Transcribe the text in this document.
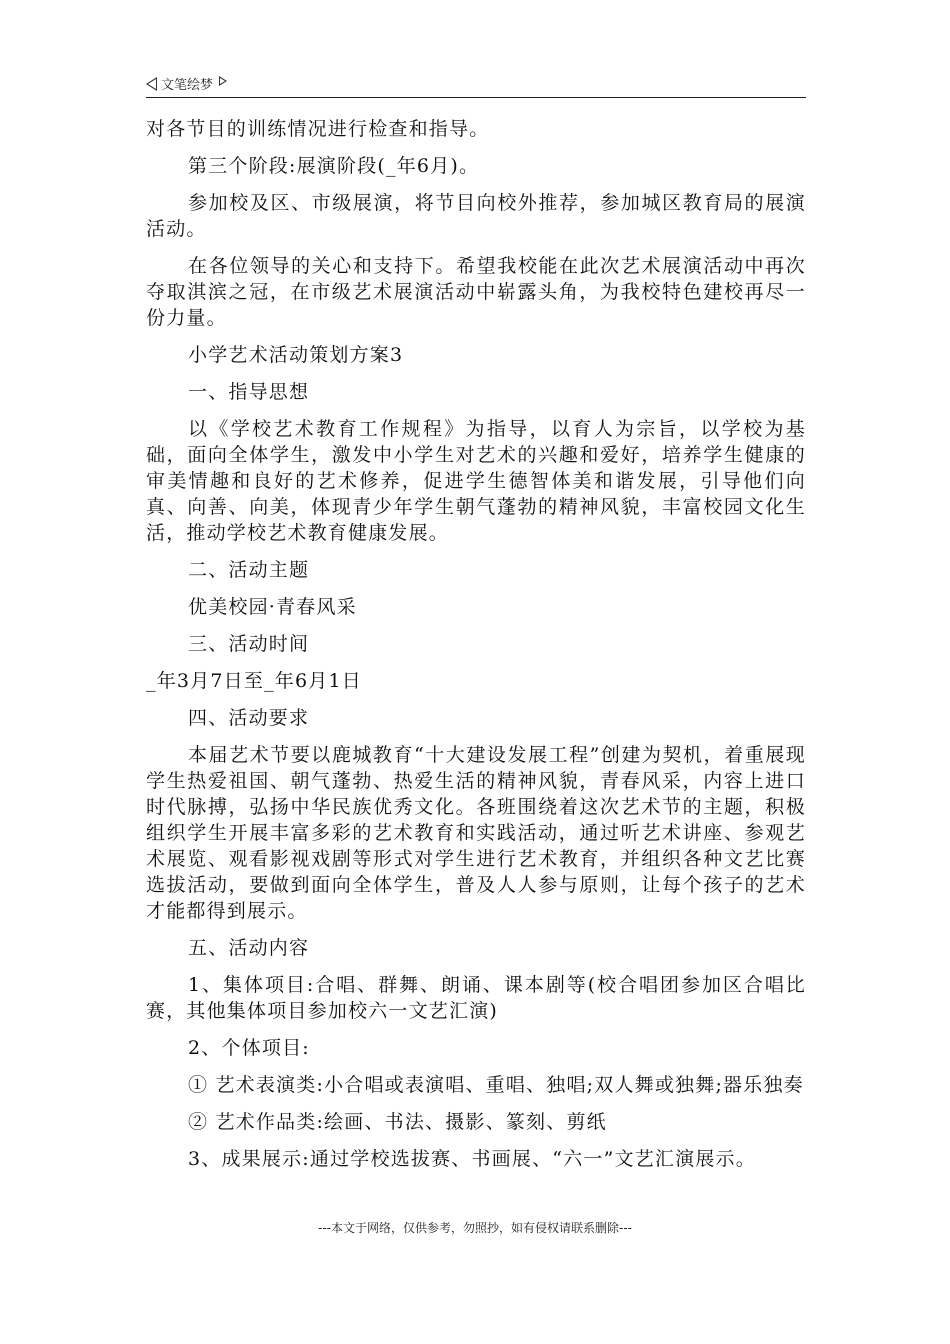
文笔绘梦

对各节目的训练情况进行检查和指导。

第三个阶段:展演阶段(_年6月)。

参加校及区、市级展演，将节目向校外推荐，参加城区教育局的展演活动。

在各位领导的关心和支持下。希望我校能在此次艺术展演活动中再次夺取淇滨之冠，在市级艺术展演活动中崭露头角，为我校特色建校再尽一份力量。

小学艺术活动策划方案3

一、指导思想

以《学校艺术教育工作规程》为指导，以育人为宗旨，以学校为基础，面向全体学生，激发中小学生对艺术的兴趣和爱好，培养学生健康的审美情趣和良好的艺术修养，促进学生德智体美和谐发展，引导他们向真、向善、向美，体现青少年学生朝气蓬勃的精神风貌，丰富校园文化生活，推动学校艺术教育健康发展。

二、活动主题

优美校园·青春风采

三、活动时间

_年3月7日至_年6月1日

四、活动要求

本届艺术节要以鹿城教育“十大建设发展工程”创建为契机，着重展现学生热爱祖国、朝气蓬勃、热爱生活的精神风貌，青春风采，内容上进口时代脉搏，弘扬中华民族优秀文化。各班围绕着这次艺术节的主题，积极组织学生开展丰富多彩的艺术教育和实践活动，通过听艺术讲座、参观艺术展览、观看影视戏剧等形式对学生进行艺术教育，并组织各种文艺比赛选拔活动，要做到面向全体学生，普及人人参与原则，让每个孩子的艺术才能都得到展示。

五、活动内容

1、集体项目:合唱、群舞、朗诵、课本剧等(校合唱团参加区合唱比赛，其他集体项目参加校六一文艺汇演)

2、个体项目:

① 艺术表演类:小合唱或表演唱、重唱、独唱;双人舞或独舞;器乐独奏

② 艺术作品类:绘画、书法、摄影、篆刻、剪纸

3、成果展示:通过学校选拔赛、书画展、“六一”文艺汇演展示。

---本文于网络，仅供参考，勿照抄，如有侵权请联系删除---
